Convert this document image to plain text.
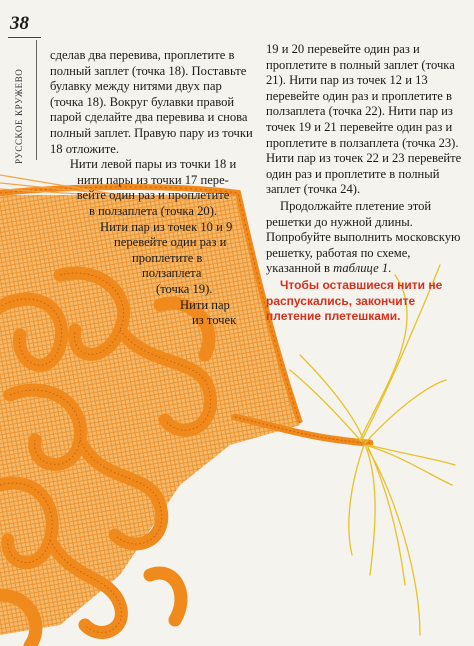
38
РУССКОЕ КРУЖЕВО

сделав два перевива, проплетите в полный заплет (точка 18). Поставьте булавку между нитями двух пар (точка 18). Вокруг булавки правой парой сделайте два перевива и снова полный заплет. Правую пару из точки 18 отложите.

Нити левой пары из точки 18 и

нити пары из точки 17 пере-

вейте один раз и проплетите

в ползаплета (точка 20).

Нити пар из точек 10 и 9

перевейте один раз и

проплетите в

ползаплета

(точка 19).

Нити пар

из точек

19 и 20 перевейте один раз и проплетите в полный заплет (точка 21). Нити пар из точек 12 и 13 перевейте один раз и проплетите в ползаплета (точка 22). Нити пар из точек 19 и 21 перевейте один раз и проплетите в ползаплета (точка 23). Нити пар из точек 22 и 23 перевейте один раз и проплетите в полный заплет (точка 24).

Продолжайте плетение этой решетки до нужной длины. Попробуйте выполнить московскую решетку, работая по схеме, указанной в таблице 1.

Чтобы оставшиеся нити не распускались, закончите плетение плетешками.
